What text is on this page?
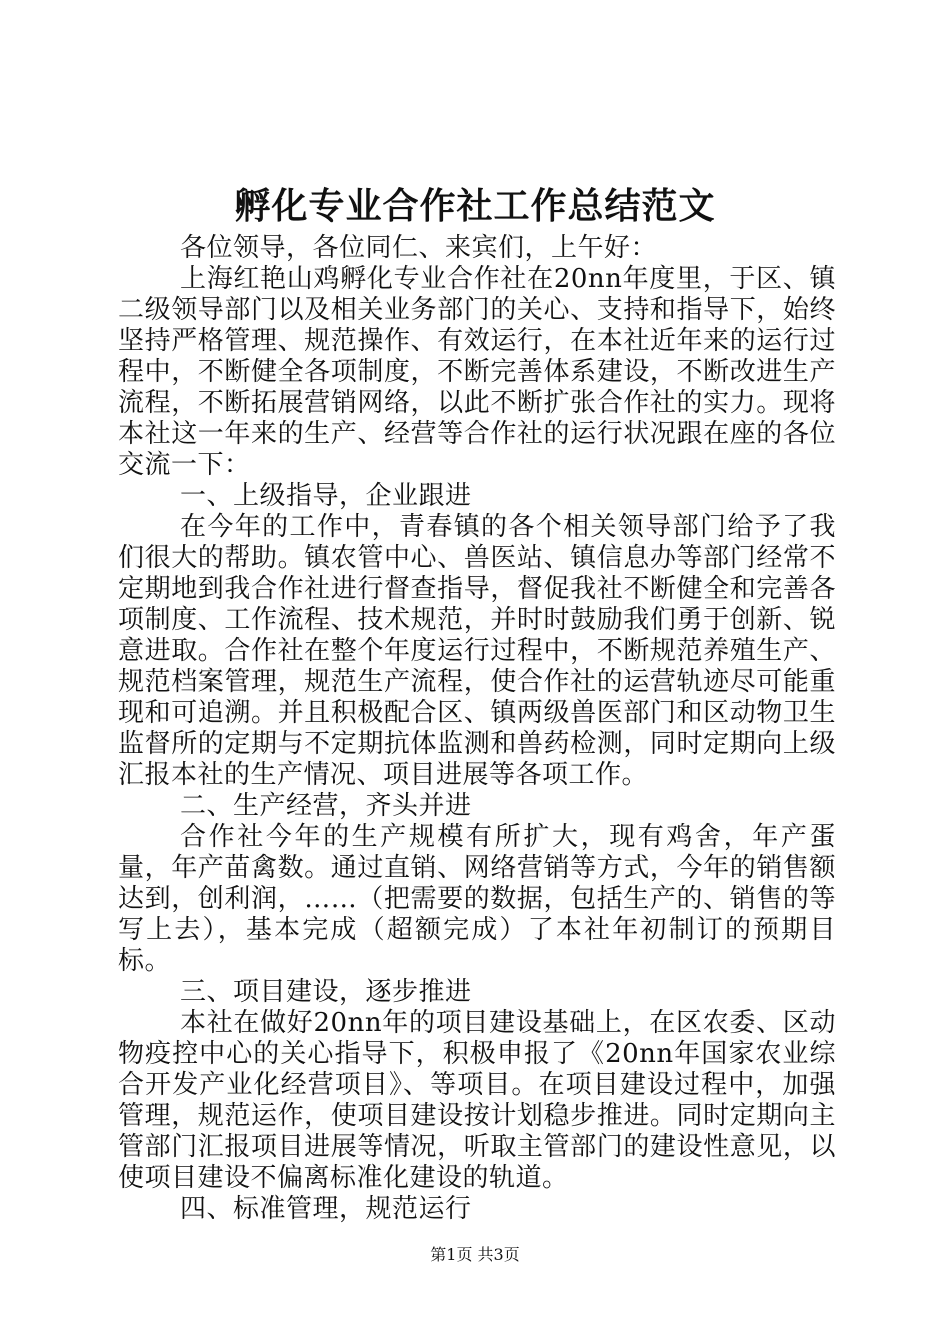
孵化专业合作社工作总结范文

各位领导，各位同仁、来宾们，上午好：

上海红艳山鸡孵化专业合作社在20nn年度里，于区、镇二级领导部门以及相关业务部门的关心、支持和指导下，始终坚持严格管理、规范操作、有效运行，在本社近年来的运行过程中，不断健全各项制度，不断完善体系建设，不断改进生产流程，不断拓展营销网络，以此不断扩张合作社的实力。现将本社这一年来的生产、经营等合作社的运行状况跟在座的各位交流一下：

一、上级指导，企业跟进

在今年的工作中，青春镇的各个相关领导部门给予了我们很大的帮助。镇农管中心、兽医站、镇信息办等部门经常不定期地到我合作社进行督查指导，督促我社不断健全和完善各项制度、工作流程、技术规范，并时时鼓励我们勇于创新、锐意进取。合作社在整个年度运行过程中，不断规范养殖生产、规范档案管理，规范生产流程，使合作社的运营轨迹尽可能重现和可追溯。并且积极配合区、镇两级兽医部门和区动物卫生监督所的定期与不定期抗体监测和兽药检测，同时定期向上级汇报本社的生产情况、项目进展等各项工作。

二、生产经营，齐头并进

合作社今年的生产规模有所扩大，现有鸡舍，年产蛋量，年产苗禽数。通过直销、网络营销等方式，今年的销售额达到，创利润，……（把需要的数据，包括生产的、销售的等写上去），基本完成（超额完成）了本社年初制订的预期目标。

三、项目建设，逐步推进

本社在做好20nn年的项目建设基础上，在区农委、区动物疫控中心的关心指导下，积极申报了《20nn年国家农业综合开发产业化经营项目》、等项目。在项目建设过程中，加强管理，规范运作，使项目建设按计划稳步推进。同时定期向主管部门汇报项目进展等情况，听取主管部门的建设性意见，以使项目建设不偏离标准化建设的轨道。

四、标准管理，规范运行

第1页 共3页
